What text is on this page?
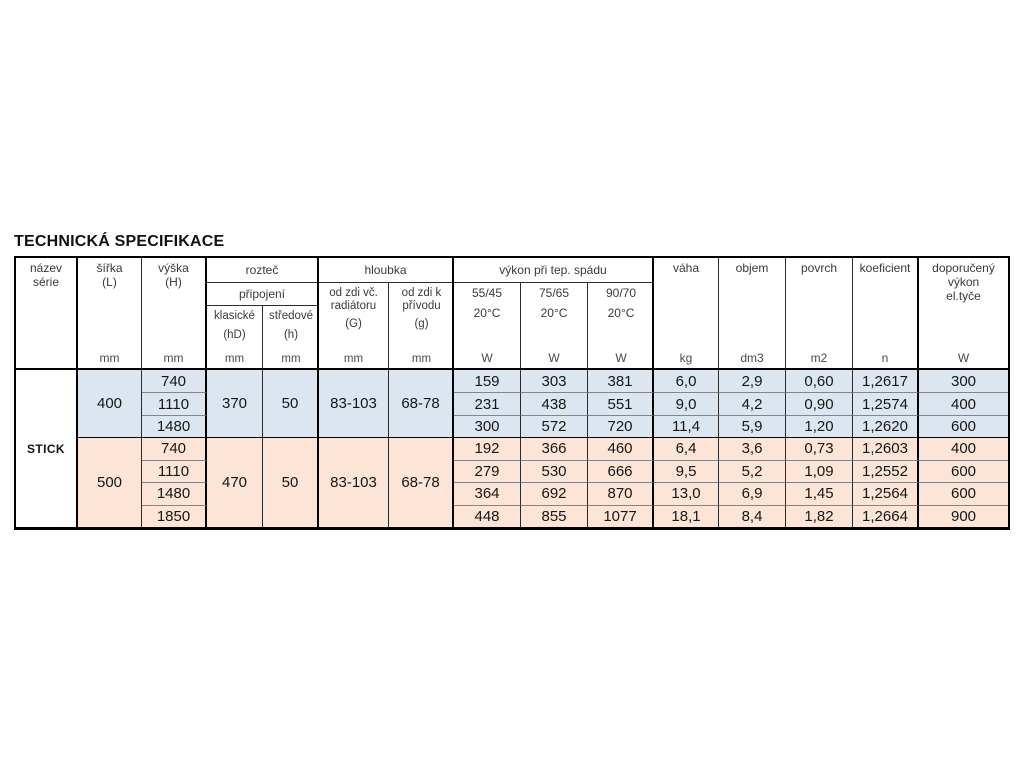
TECHNICKÁ SPECIFIKACE
název
série
šířka
(L)
mm
výška
(H)
mm
rozteč
připojení
klasické
(hD)
mm
středové
(h)
mm
hloubka
od zdi vč.
radiátoru
(G)
mm
od zdi k
přívodu
(g)
mm
výkon při tep. spádu
55/45
20°C
W
75/65
20°C
W
90/70
20°C
W
váha
kg
objem
dm3
povrch
m2
koeficient
n
doporučený
výkon
el.tyče
W
STICK
400
500
740
1110
1480
740
1110
1480
1850
370
470
50
50
83-103
83-103
68-78
68-78
159
231
300
192
279
364
448
303
438
572
366
530
692
855
381
551
720
460
666
870
1077
6,0
9,0
11,4
6,4
9,5
13,0
18,1
2,9
4,2
5,9
3,6
5,2
6,9
8,4
0,60
0,90
1,20
0,73
1,09
1,45
1,82
1,2617
1,2574
1,2620
1,2603
1,2552
1,2564
1,2664
300
400
600
400
600
600
900
